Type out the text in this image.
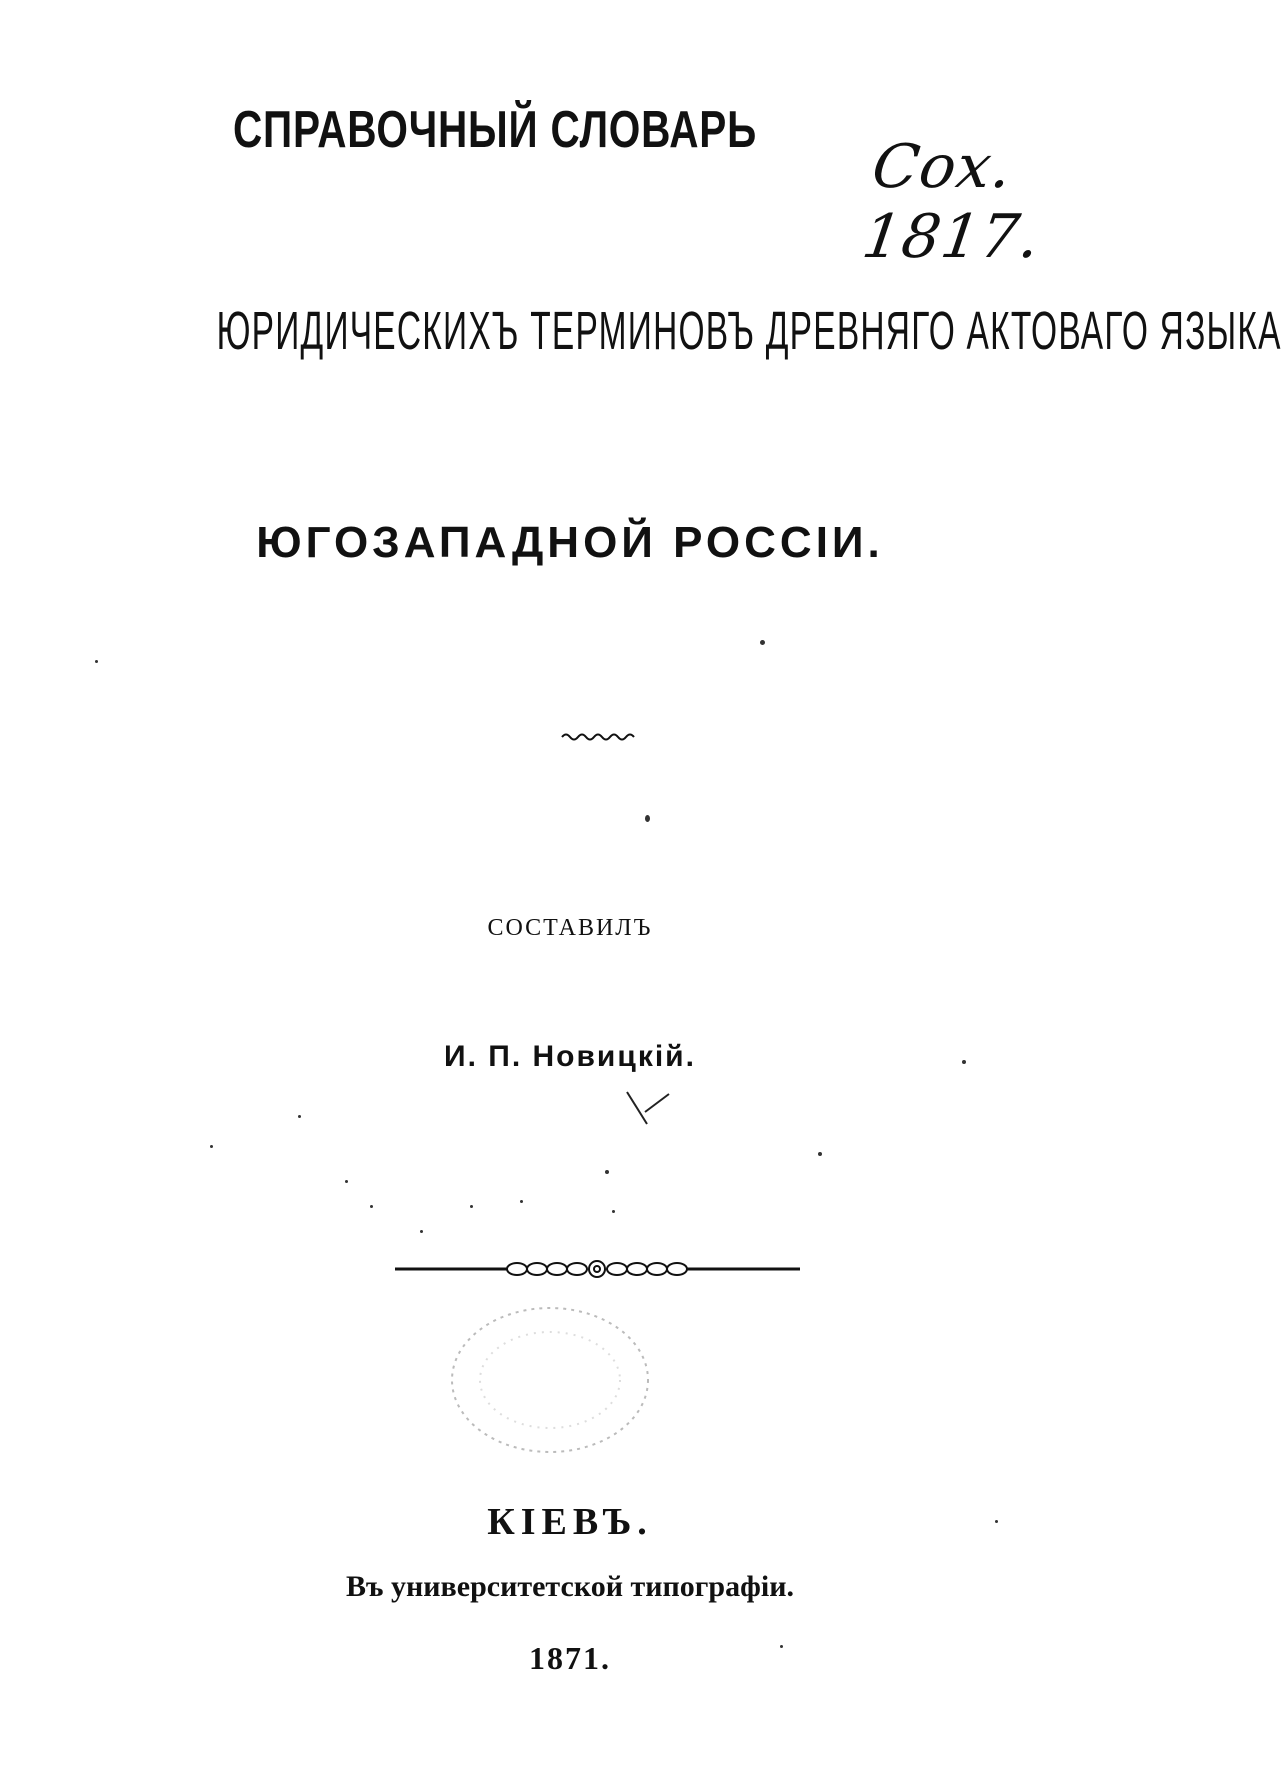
СПРАВОЧНЫЙ СЛОВАРЬ
Сох. 1817.
ЮРИДИЧЕСКИХЪ ТЕРМИНОВЪ ДРЕВНЯГО АКТОВАГО ЯЗЫКА
ЮГОЗАПАДНОЙ РОССІИ.
СОСТАВИЛЪ
И. П. Новицкій.
КІЕВЪ.
Въ университетской типографіи.
1871.
